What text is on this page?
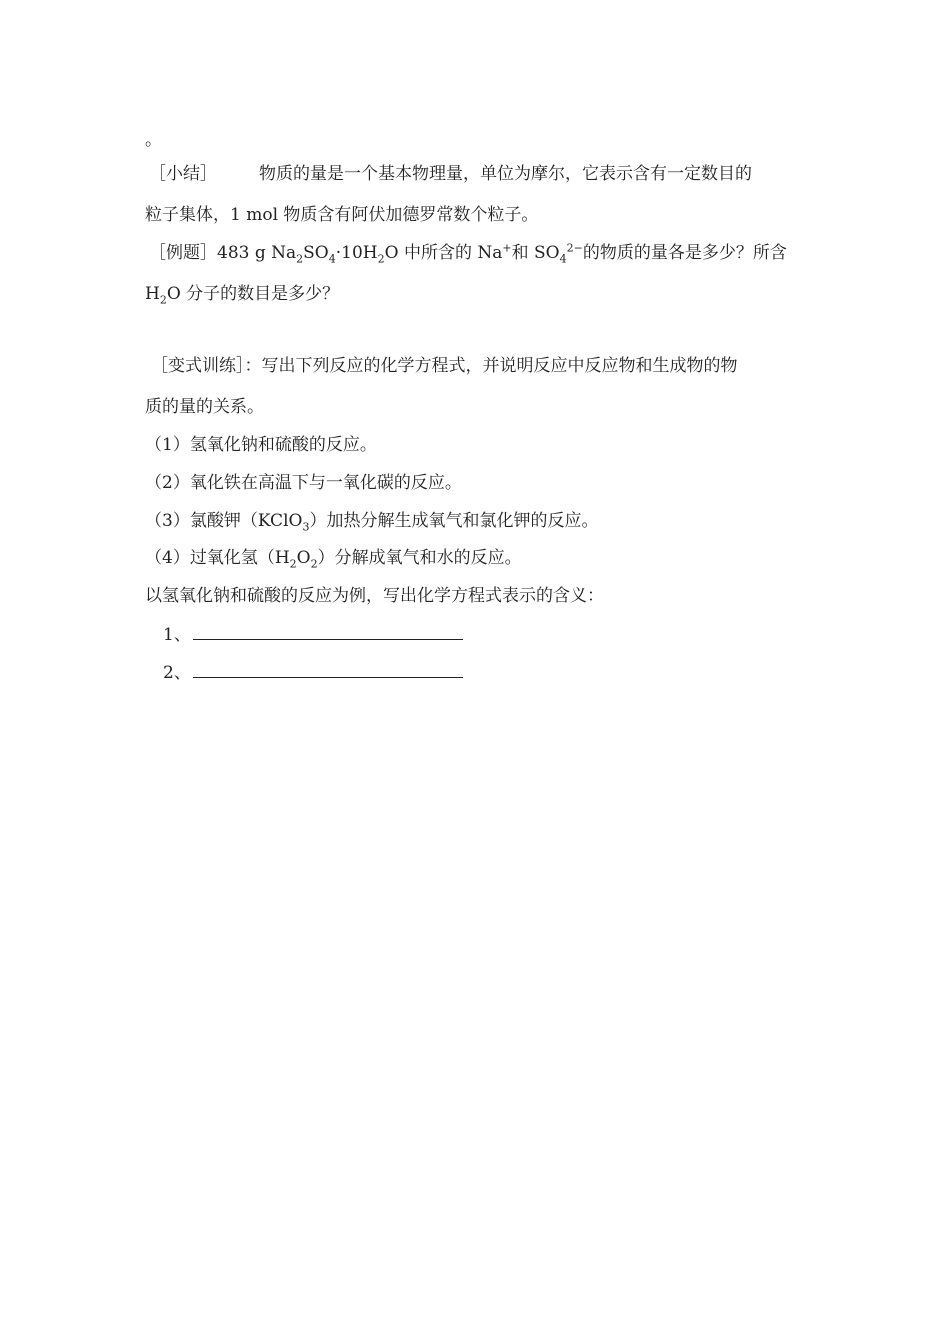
。
［小结］ 物质的量是一个基本物理量，单位为摩尔，它表示含有一定数目的
粒子集体，1 mol 物质含有阿伏加德罗常数个粒子。
［例题］483 g $Na_2SO_4\cdot 10H_2O$ 中所含的 Na+和 $SO_4^{2-}$的物质的量各是多少？所含
$H_2O$ 分子的数目是多少？
［变式训练］：写出下列反应的化学方程式，并说明反应中反应物和生成物的物
质的量的关系。
（1）氢氧化钠和硫酸的反应。
（2）氧化铁在高温下与一氧化碳的反应。
（3）氯酸钾（KClO$_3$）加热分解生成氧气和氯化钾的反应。
（4）过氧化氢$(H_2O_2)$分解成氧气和水的反应。
以氢氧化钠和硫酸的反应为例，写出化学方程式表示的含义：
1、
2、
